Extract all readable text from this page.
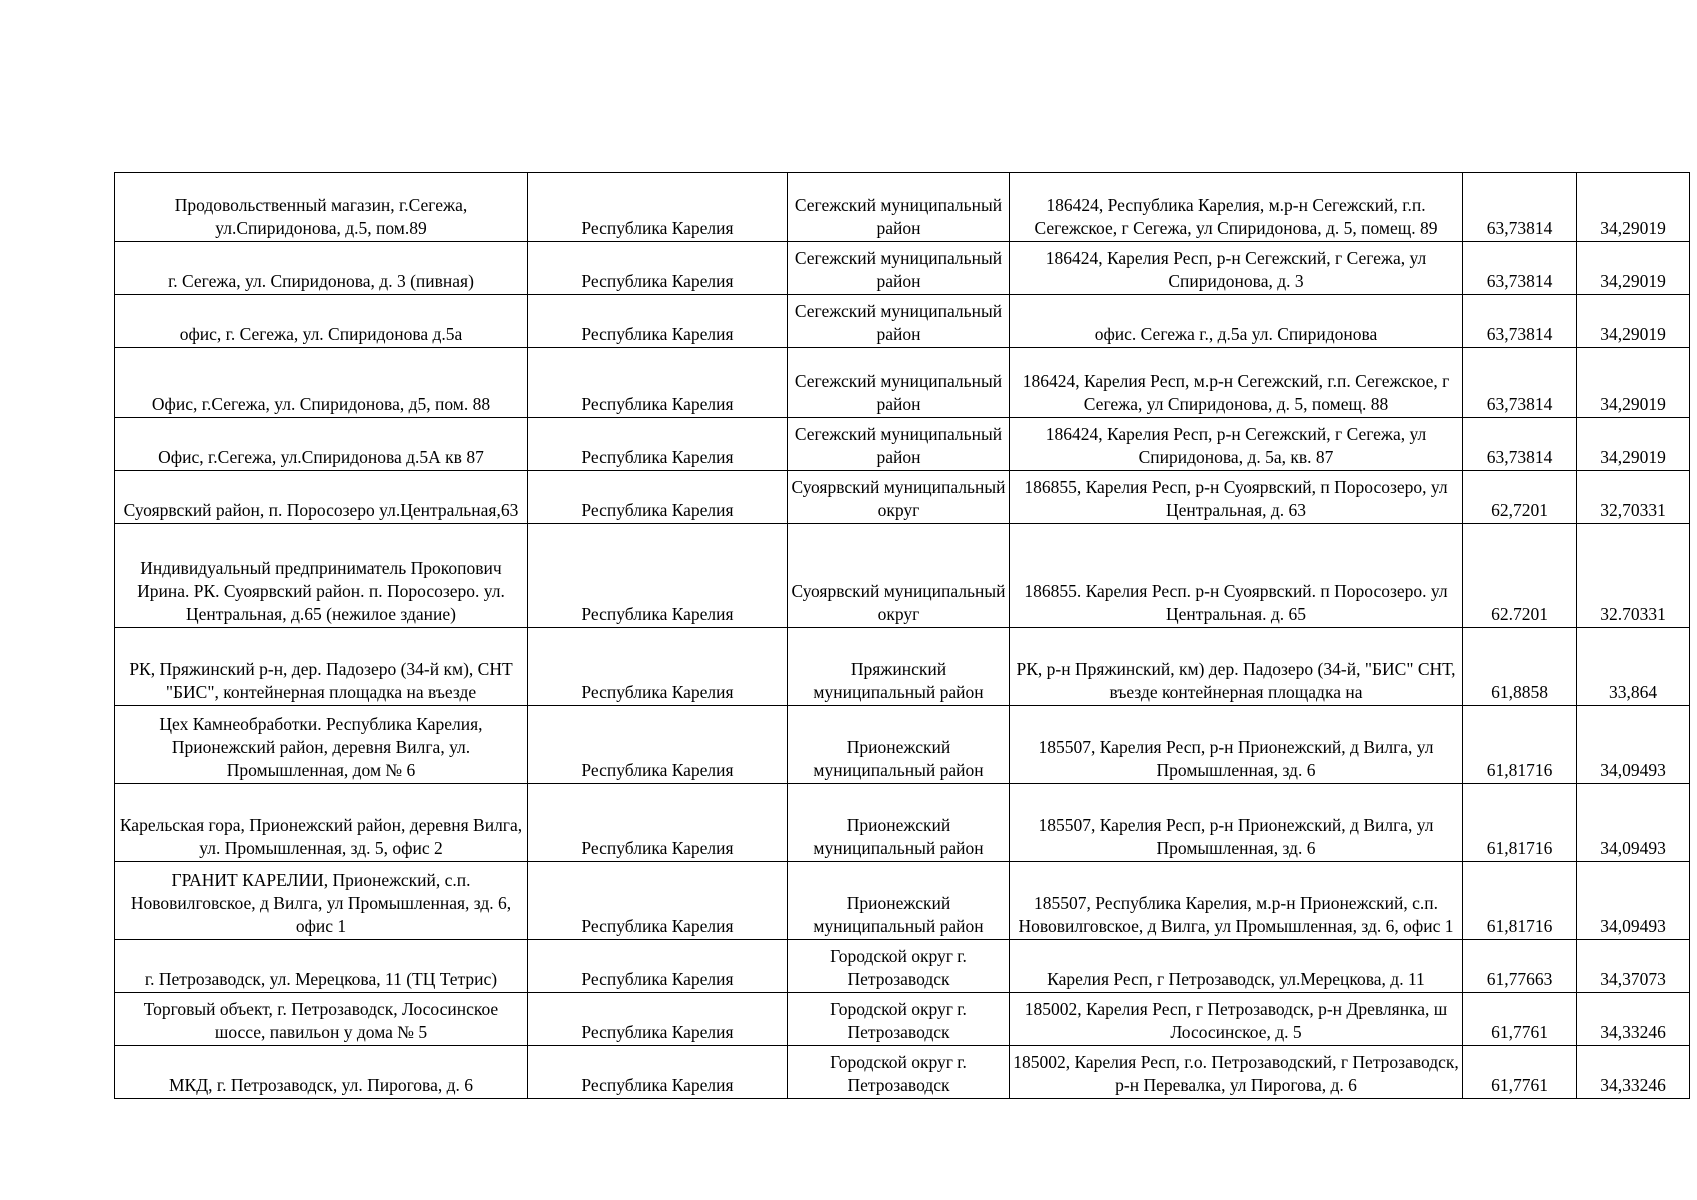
Продовольственный магазин, г.Сегежа, ул.Спиридонова, д.5, пом.89	Республика Карелия	Сегежский муниципальный район	186424, Республика Карелия, м.р-н Сегежский, г.п. Сегежское, г Сегежа, ул Спиридонова, д. 5, помещ. 89	63,73814	34,29019
г. Сегежа, ул. Спиридонова, д. 3 (пивная)	Республика Карелия	Сегежский муниципальный район	186424, Карелия Респ, р-н Сегежский, г Сегежа, ул Спиридонова, д. 3	63,73814	34,29019
офис, г. Сегежа, ул. Спиридонова д.5а	Республика Карелия	Сегежский муниципальный район	офис. Сегежа г., д.5а ул. Спиридонова	63,73814	34,29019
Офис, г.Сегежа, ул. Спиридонова, д5, пом. 88	Республика Карелия	Сегежский муниципальный район	186424, Карелия Респ, м.р-н Сегежский, г.п. Сегежское, г Сегежа, ул Спиридонова, д. 5, помещ. 88	63,73814	34,29019
Офис, г.Сегежа, ул.Спиридонова д.5А кв 87	Республика Карелия	Сегежский муниципальный район	186424, Карелия Респ, р-н Сегежский, г Сегежа, ул Спиридонова, д. 5а, кв. 87	63,73814	34,29019
Суоярвский район, п. Поросозеро ул.Центральная,63	Республика Карелия	Суоярвский муниципальный округ	186855, Карелия Респ, р-н Суоярвский, п Поросозеро, ул Центральная, д. 63	62,7201	32,70331
Индивидуальный предприниматель Прокопович Ирина. РК. Суоярвский район. п. Поросозеро. ул. Центральная, д.65 (нежилое здание)	Республика Карелия	Суоярвский муниципальный округ	186855. Карелия Респ. р-н Суоярвский. п Поросозеро. ул Центральная. д. 65	62.7201	32.70331
РК, Пряжинский р-н, дер. Падозеро (34-й км), СНТ "БИС", контейнерная площадка на въезде	Республика Карелия	Пряжинский муниципальный район	РК, р-н Пряжинский, км) дер. Падозеро (34-й, "БИС" СНТ, въезде контейнерная площадка на	61,8858	33,864
Цех Камнеобработки. Республика Карелия, Прионежский район, деревня Вилга, ул. Промышленная, дом № 6	Республика Карелия	Прионежский муниципальный район	185507, Карелия Респ, р-н Прионежский, д Вилга, ул Промышленная, зд. 6	61,81716	34,09493
Карельская гора, Прионежский район, деревня Вилга, ул. Промышленная, зд. 5, офис 2	Республика Карелия	Прионежский муниципальный район	185507, Карелия Респ, р-н Прионежский, д Вилга, ул Промышленная, зд. 6	61,81716	34,09493
ГРАНИТ КАРЕЛИИ, Прионежский, с.п. Нововилговское, д Вилга, ул Промышленная, зд. 6, офис 1	Республика Карелия	Прионежский муниципальный район	185507, Республика Карелия, м.р-н Прионежский, с.п. Нововилговское, д Вилга, ул Промышленная, зд. 6, офис 1	61,81716	34,09493
г. Петрозаводск, ул. Мерецкова, 11 (ТЦ Тетрис)	Республика Карелия	Городской округ г. Петрозаводск	Карелия Респ, г Петрозаводск, ул.Мерецкова, д. 11	61,77663	34,37073
Торговый объект, г. Петрозаводск, Лососинское шоссе, павильон у дома № 5	Республика Карелия	Городской округ г. Петрозаводск	185002, Карелия Респ, г Петрозаводск, р-н Древлянка, ш Лососинское, д. 5	61,7761	34,33246
МКД, г. Петрозаводск, ул. Пирогова, д. 6	Республика Карелия	Городской округ г. Петрозаводск	185002, Карелия Респ, г.о. Петрозаводский, г Петрозаводск, р-н Перевалка, ул Пирогова, д. 6	61,7761	34,33246
